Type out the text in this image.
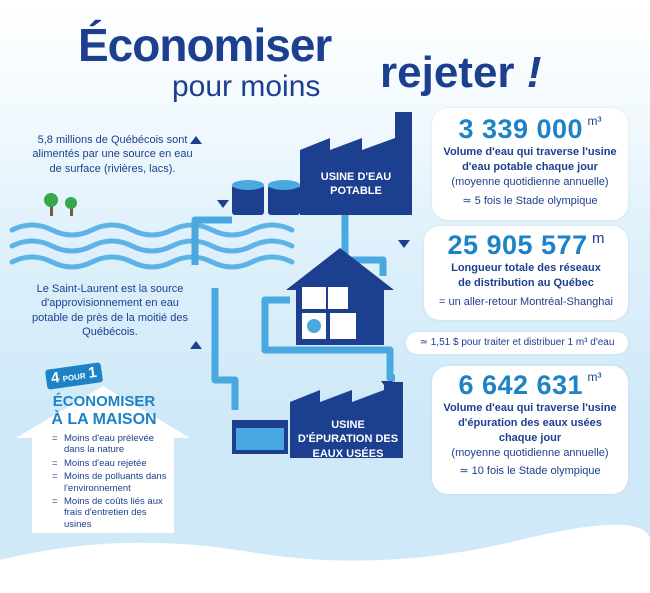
Économiser
pour moins rejeter !
5,8 millions de Québécois sont alimentés par une source en eau de surface (rivières, lacs).
Le Saint-Laurent est la source d'approvisionnement en eau potable de près de la moitié des Québécois.
USINE D'EAU POTABLE
USINE D'ÉPURATION DES EAUX USÉES
3 339 000 $^{m^3}$
Volume d'eau qui traverse l'usine d'eau potable chaque jour
(moyenne quotidienne annuelle)
≃ 5 fois le Stade olympique
25 905 577 m
Longueur totale des réseaux de distribution au Québec
= un aller-retour Montréal-Shanghai
≃ 1,51 $ pour traiter et distribuer 1 m³ d'eau
6 642 631 $^{m^3}$
Volume d'eau qui traverse l'usine d'épuration des eaux usées chaque jour
(moyenne quotidienne annuelle)
≃ 10 fois le Stade olympique
4 POUR 1
ÉCONOMISER
À LA MAISON
= Moins d'eau prélevée dans la nature
= Moins d'eau rejetée
= Moins de polluants dans l'environnement
= Moins de coûts liés aux frais d'entretien des usines
